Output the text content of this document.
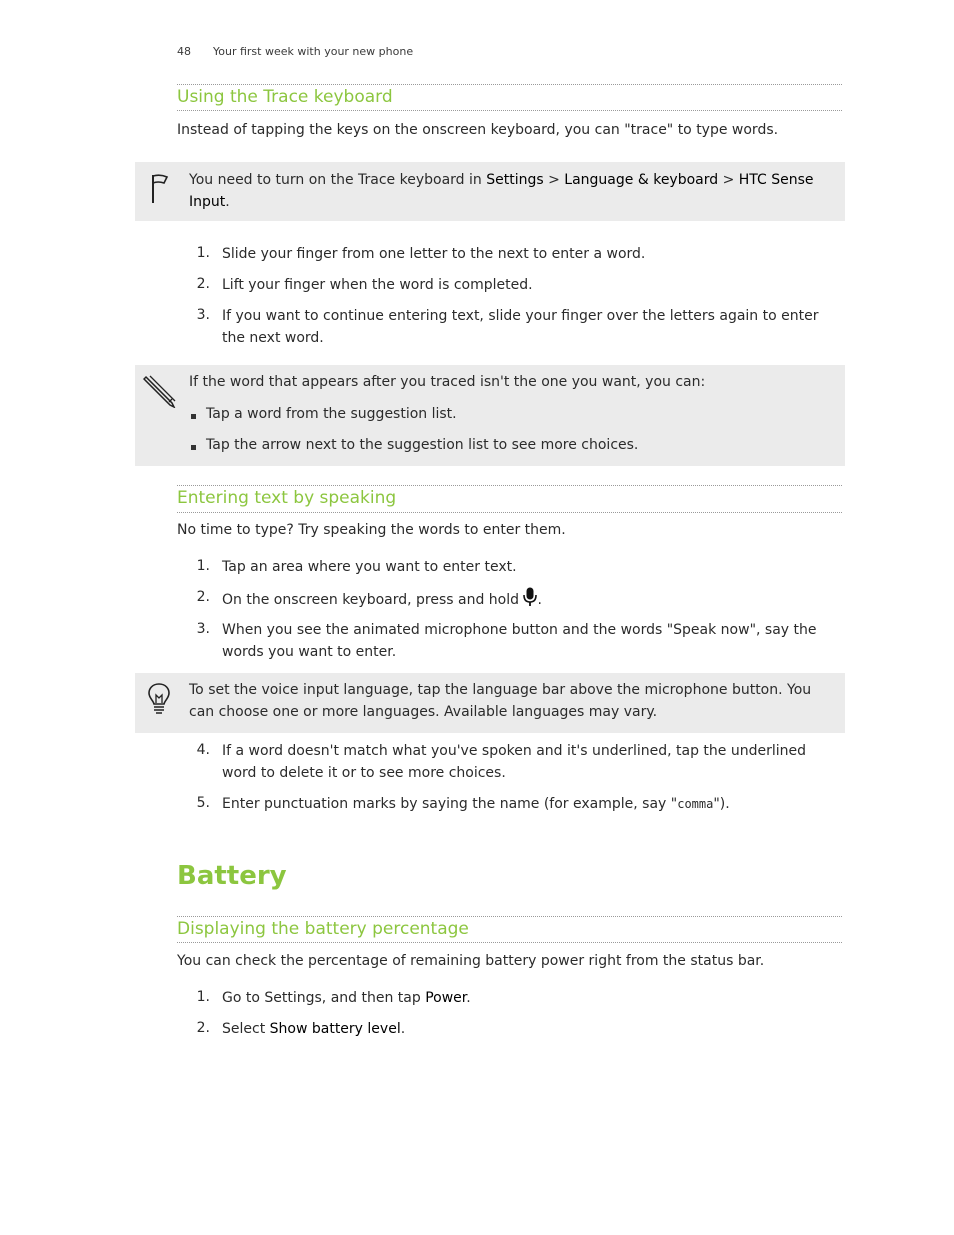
48 Your first week with your new phone
Using the Trace keyboard
Instead of tapping the keys on the onscreen keyboard, you can "trace" to type words.
You need to turn on the Trace keyboard in Settings > Language & keyboard > HTC Sense Input.
1. Slide your finger from one letter to the next to enter a word.
2. Lift your finger when the word is completed.
3. If you want to continue entering text, slide your finger over the letters again to enter the next word.
If the word that appears after you traced isn't the one you want, you can:
Tap a word from the suggestion list.
Tap the arrow next to the suggestion list to see more choices.
Entering text by speaking
No time to type? Try speaking the words to enter them.
1. Tap an area where you want to enter text.
2. On the onscreen keyboard, press and hold .
3. When you see the animated microphone button and the words "Speak now", say the words you want to enter.
To set the voice input language, tap the language bar above the microphone button. You can choose one or more languages. Available languages may vary.
4. If a word doesn't match what you've spoken and it's underlined, tap the underlined word to delete it or to see more choices.
5. Enter punctuation marks by saying the name (for example, say "comma").
Battery
Displaying the battery percentage
You can check the percentage of remaining battery power right from the status bar.
1. Go to Settings, and then tap Power.
2. Select Show battery level.
